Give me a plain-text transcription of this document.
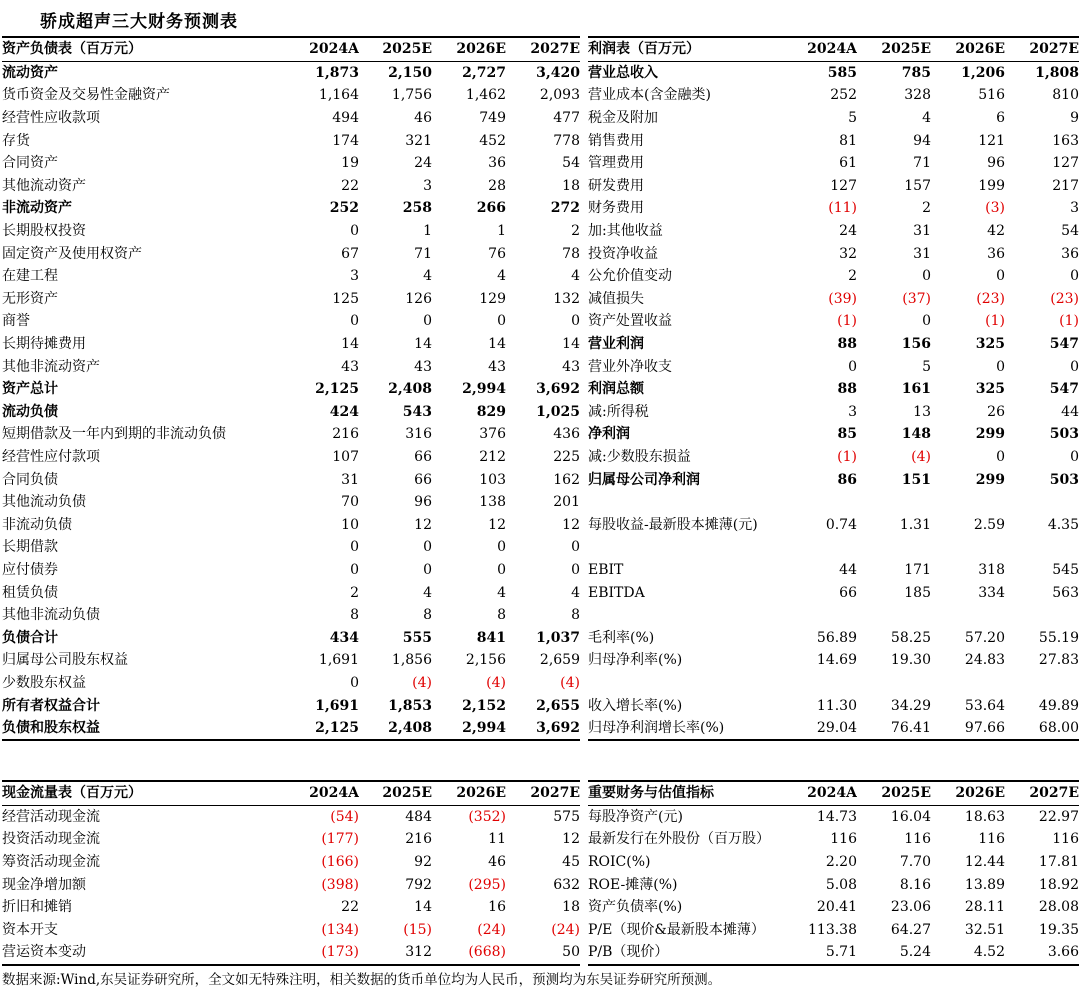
骄成超声三大财务预测表
资产负债表（百万元）	2024A	2025E	2026E	2027E
流动资产	1,873	2,150	2,727	3,420
货币资金及交易性金融资产	1,164	1,756	1,462	2,093
经营性应收款项	494	46	749	477
存货	174	321	452	778
合同资产	19	24	36	54
其他流动资产	22	3	28	18
非流动资产	252	258	266	272
长期股权投资	0	1	1	2
固定资产及使用权资产	67	71	76	78
在建工程	3	4	4	4
无形资产	125	126	129	132
商誉	0	0	0	0
长期待摊费用	14	14	14	14
其他非流动资产	43	43	43	43
资产总计	2,125	2,408	2,994	3,692
流动负债	424	543	829	1,025
短期借款及一年内到期的非流动负债	216	316	376	436
经营性应付款项	107	66	212	225
合同负债	31	66	103	162
其他流动负债	70	96	138	201
非流动负债	10	12	12	12
长期借款	0	0	0	0
应付债券	0	0	0	0
租赁负债	2	4	4	4
其他非流动负债	8	8	8	8
负债合计	434	555	841	1,037
归属母公司股东权益	1,691	1,856	2,156	2,659
少数股东权益	0	(4)	(4)	(4)
所有者权益合计	1,691	1,853	2,152	2,655
负债和股东权益	2,125	2,408	2,994	3,692
利润表（百万元）	2024A	2025E	2026E	2027E
营业总收入	585	785	1,206	1,808
营业成本(含金融类)	252	328	516	810
税金及附加	5	4	6	9
销售费用	81	94	121	163
管理费用	61	71	96	127
研发费用	127	157	199	217
财务费用	(11)	2	(3)	3
加:其他收益	24	31	42	54
投资净收益	32	31	36	36
公允价值变动	2	0	0	0
减值损失	(39)	(37)	(23)	(23)
资产处置收益	(1)	0	(1)	(1)
营业利润	88	156	325	547
营业外净收支	0	5	0	0
利润总额	88	161	325	547
减:所得税	3	13	26	44
净利润	85	148	299	503
减:少数股东损益	(1)	(4)	0	0
归属母公司净利润	86	151	299	503

每股收益-最新股本摊薄(元)	0.74	1.31	2.59	4.35

EBIT	44	171	318	545
EBITDA	66	185	334	563

毛利率(%)	56.89	58.25	57.20	55.19
归母净利率(%)	14.69	19.30	24.83	27.83

收入增长率(%)	11.30	34.29	53.64	49.89
归母净利润增长率(%)	29.04	76.41	97.66	68.00
现金流量表（百万元）	2024A	2025E	2026E	2027E
经营活动现金流	(54)	484	(352)	575
投资活动现金流	(177)	216	11	12
筹资活动现金流	(166)	92	46	45
现金净增加额	(398)	792	(295)	632
折旧和摊销	22	14	16	18
资本开支	(134)	(15)	(24)	(24)
营运资本变动	(173)	312	(668)	50
重要财务与估值指标	2024A	2025E	2026E	2027E
每股净资产(元)	14.73	16.04	18.63	22.97
最新发行在外股份（百万股）	116	116	116	116
ROIC(%)	2.20	7.70	12.44	17.81
ROE-摊薄(%)	5.08	8.16	13.89	18.92
资产负债率(%)	20.41	23.06	28.11	28.08
P/E（现价&最新股本摊薄）	113.38	64.27	32.51	19.35
P/B（现价）	5.71	5.24	4.52	3.66
数据来源:Wind,东吴证券研究所，全文如无特殊注明，相关数据的货币单位均为人民币，预测均为东吴证券研究所预测。
